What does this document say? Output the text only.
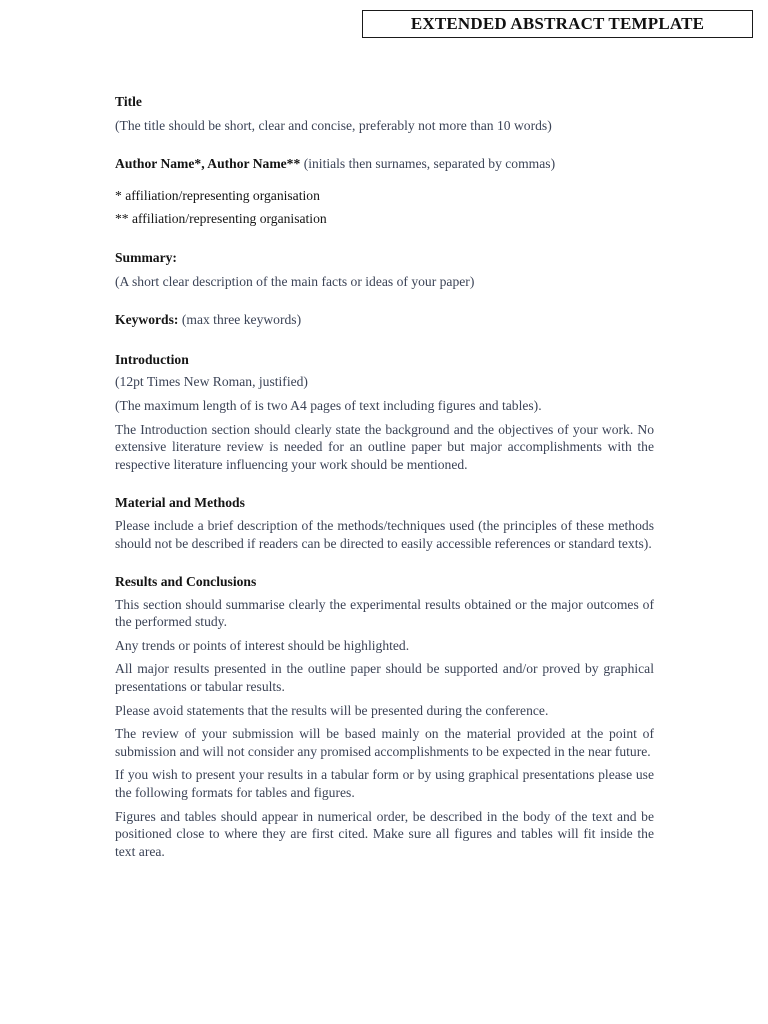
EXTENDED ABSTRACT TEMPLATE

Title

(The title should be short, clear and concise, preferably not more than 10 words)

Author Name*, Author Name** (initials then surnames, separated by commas)

* affiliation/representing organisation

** affiliation/representing organisation

Summary:

(A short clear description of the main facts or ideas of your paper)

Keywords: (max three keywords)

Introduction

(12pt Times New Roman, justified)

(The maximum length of is two A4 pages of text including figures and tables).

The Introduction section should clearly state the background and the objectives of your work. No extensive literature review is needed for an outline paper but major accomplishments with the respective literature influencing your work should be mentioned.

Material and Methods

Please include a brief description of the methods/techniques used (the principles of these methods should not be described if readers can be directed to easily accessible references or standard texts).

Results and Conclusions

This section should summarise clearly the experimental results obtained or the major outcomes of the performed study.

Any trends or points of interest should be highlighted.

All major results presented in the outline paper should be supported and/or proved by graphical presentations or tabular results.

Please avoid statements that the results will be presented during the conference.

The review of your submission will be based mainly on the material provided at the point of submission and will not consider any promised accomplishments to be expected in the near future.

If you wish to present your results in a tabular form or by using graphical presentations please use the following formats for tables and figures.

Figures and tables should appear in numerical order, be described in the body of the text and be positioned close to where they are first cited. Make sure all figures and tables will fit inside the text area.
